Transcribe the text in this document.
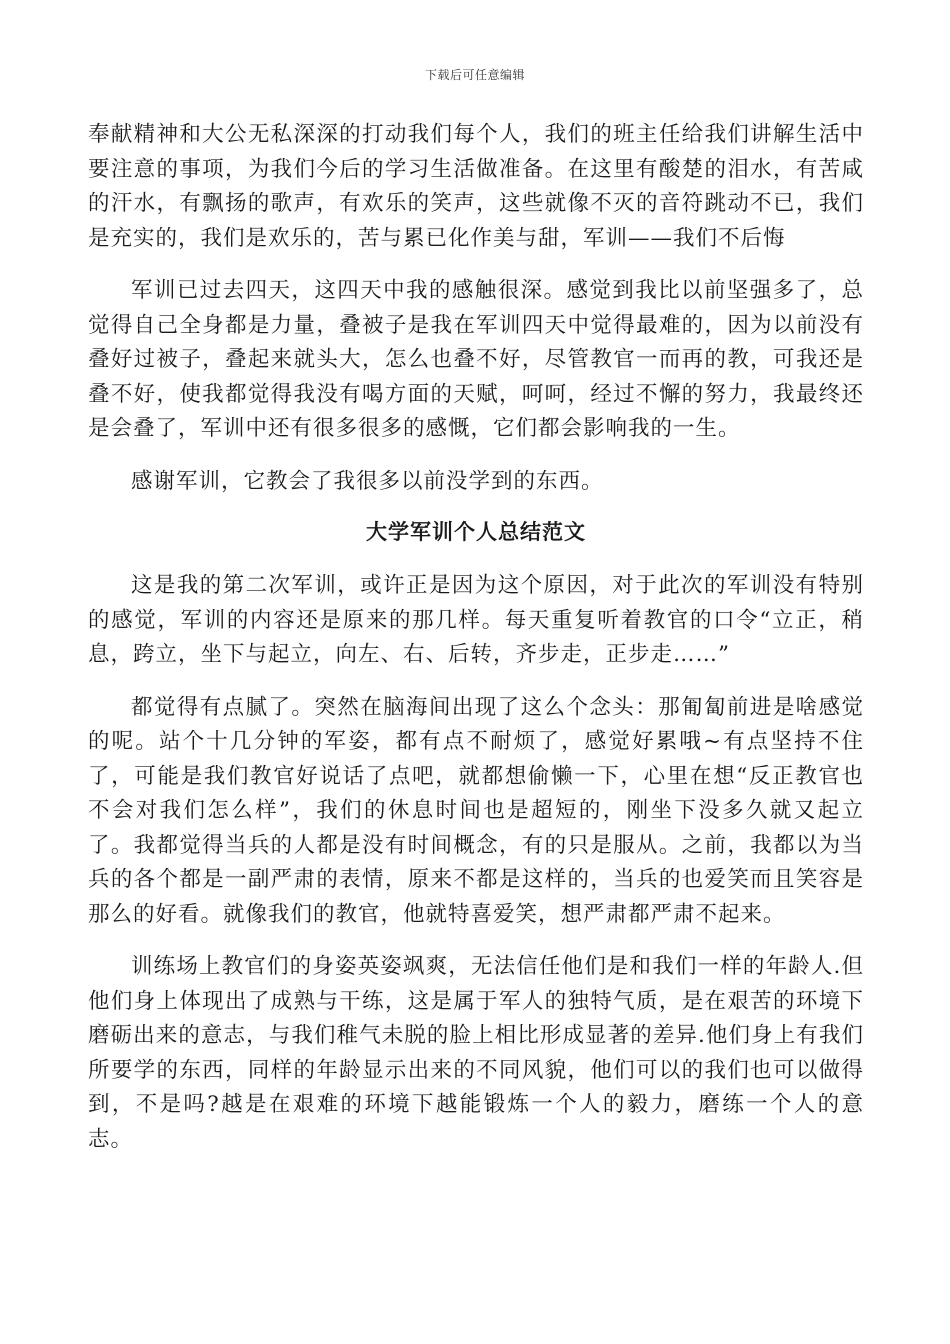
下载后可任意编辑

奉献精神和大公无私深深的打动我们每个人，我们的班主任给我们讲解生活中要注意的事项，为我们今后的学习生活做准备。在这里有酸楚的泪水，有苦咸的汗水，有飘扬的歌声，有欢乐的笑声，这些就像不灭的音符跳动不已，我们是充实的，我们是欢乐的，苦与累已化作美与甜，军训——我们不后悔

军训已过去四天，这四天中我的感触很深。感觉到我比以前坚强多了，总觉得自己全身都是力量，叠被子是我在军训四天中觉得最难的，因为以前没有叠好过被子，叠起来就头大，怎么也叠不好，尽管教官一而再的教，可我还是叠不好，使我都觉得我没有喝方面的天赋，呵呵，经过不懈的努力，我最终还是会叠了，军训中还有很多很多的感慨，它们都会影响我的一生。

感谢军训，它教会了我很多以前没学到的东西。

大学军训个人总结范文

这是我的第二次军训，或许正是因为这个原因，对于此次的军训没有特别的感觉，军训的内容还是原来的那几样。每天重复听着教官的口令“立正，稍息，跨立，坐下与起立，向左、右、后转，齐步走，正步走……”

都觉得有点腻了。突然在脑海间出现了这么个念头：那匍匐前进是啥感觉的呢。站个十几分钟的军姿，都有点不耐烦了，感觉好累哦~有点坚持不住了，可能是我们教官好说话了点吧，就都想偷懒一下，心里在想“反正教官也不会对我们怎么样”，我们的休息时间也是超短的，刚坐下没多久就又起立了。我都觉得当兵的人都是没有时间概念，有的只是服从。之前，我都以为当兵的各个都是一副严肃的表情，原来不都是这样的，当兵的也爱笑而且笑容是那么的好看。就像我们的教官，他就特喜爱笑，想严肃都严肃不起来。

训练场上教官们的身姿英姿飒爽，无法信任他们是和我们一样的年龄人.但他们身上体现出了成熟与干练，这是属于军人的独特气质，是在艰苦的环境下磨砺出来的意志，与我们稚气未脱的脸上相比形成显著的差异.他们身上有我们所要学的东西，同样的年龄显示出来的不同风貌，他们可以的我们也可以做得到，不是吗?越是在艰难的环境下越能锻炼一个人的毅力，磨练一个人的意志。
